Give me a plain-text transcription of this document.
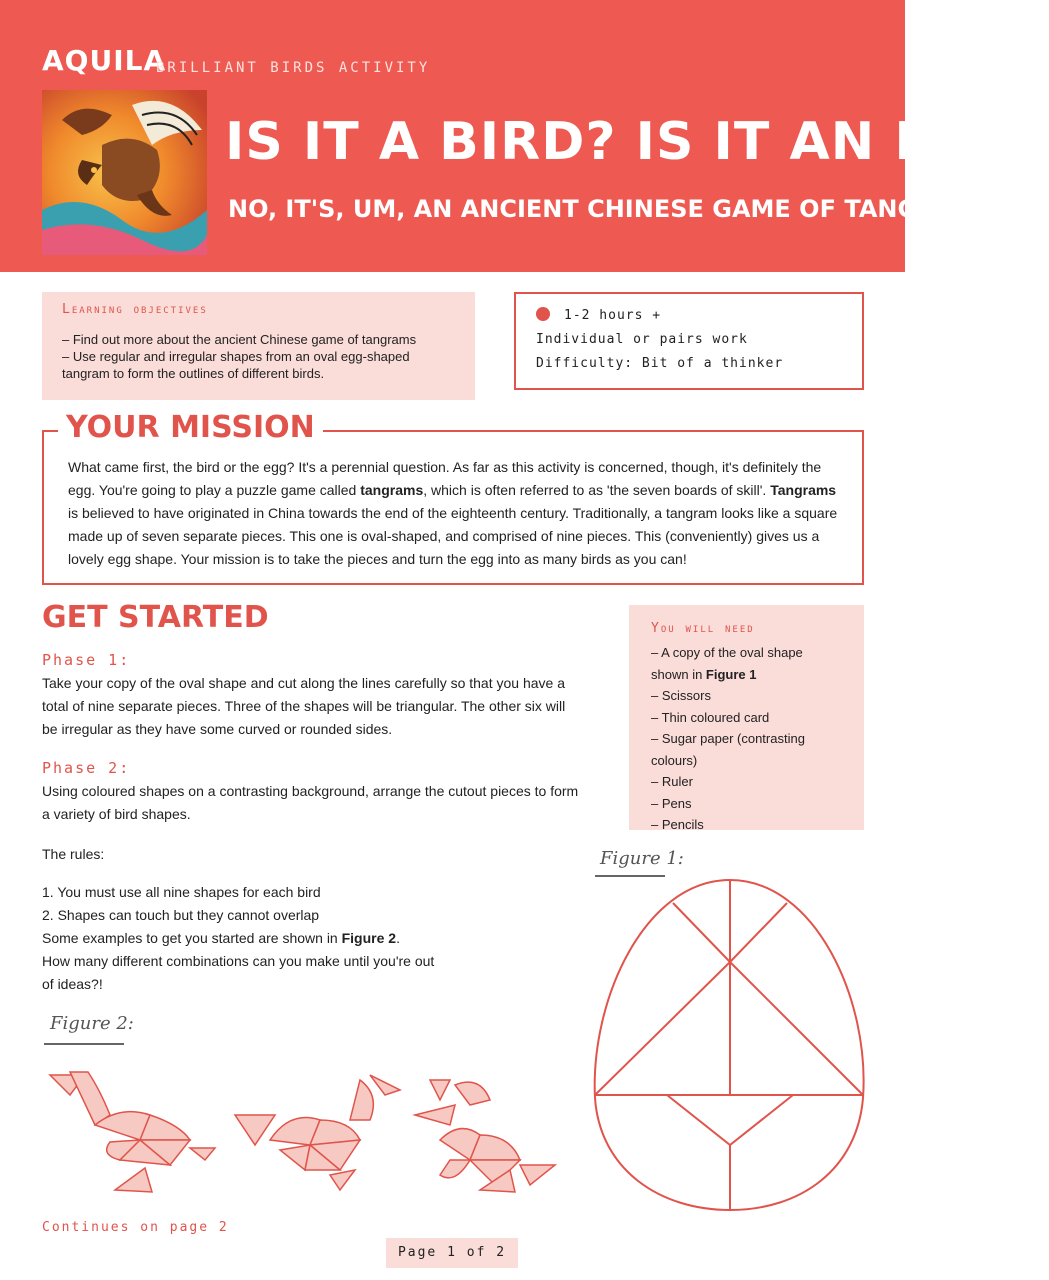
AQUILA
BRILLIANT BIRDS ACTIVITY
IS IT A BIRD? IS IT AN EGG?
NO, IT'S, UM, AN ANCIENT CHINESE GAME OF TANGRAMS!
Learning objectives
– Find out more about the ancient Chinese game of tangrams
– Use regular and irregular shapes from an oval egg-shaped tangram to form the outlines of different birds.
1-2 hours +
Individual or pairs work
Difficulty: Bit of a thinker
YOUR MISSION
What came first, the bird or the egg? It's a perennial question. As far as this activity is concerned, though, it's definitely the egg. You're going to play a puzzle game called tangrams, which is often referred to as 'the seven boards of skill'. Tangrams is believed to have originated in China towards the end of the eighteenth century. Traditionally, a tangram looks like a square made up of seven separate pieces. This one is oval-shaped, and comprised of nine pieces. This (conveniently) gives us a lovely egg shape. Your mission is to take the pieces and turn the egg into as many birds as you can!
GET STARTED
Phase 1:
Take your copy of the oval shape and cut along the lines carefully so that you have a total of nine separate pieces. Three of the shapes will be triangular. The other six will be irregular as they have some curved or rounded sides.
Phase 2:
Using coloured shapes on a contrasting background, arrange the cutout pieces to form a variety of bird shapes.
The rules:
1. You must use all nine shapes for each bird
2. Shapes can touch but they cannot overlap
Some examples to get you started are shown in Figure 2.
How many different combinations can you make until you're out of ideas?!
You will need
– A copy of the oval shape shown in Figure 1
– Scissors
– Thin coloured card
– Sugar paper (contrasting colours)
– Ruler
– Pens
– Pencils
Figure 1:
Figure 2:
Continues on page 2
Page 1 of 2
